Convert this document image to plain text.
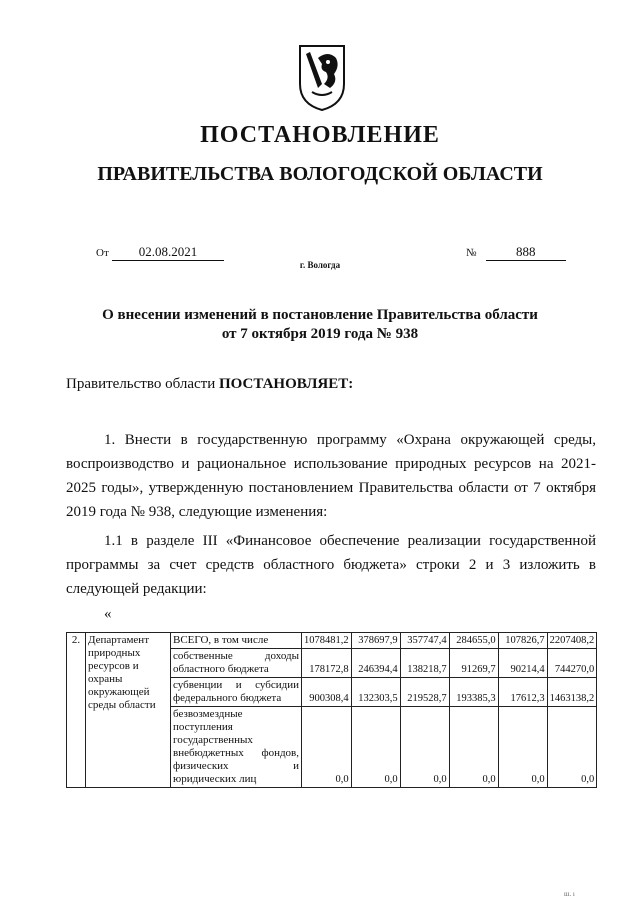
ПОСТАНОВЛЕНИЕ
ПРАВИТЕЛЬСТВА ВОЛОГОДСКОЙ ОБЛАСТИ
От 02.08.2021	№	888
г. Вологда
О внесении изменений в постановление Правительства области
от 7 октября 2019 года № 938
Правительство области ПОСТАНОВЛЯЕТ:
1. Внести в государственную программу «Охрана окружающей среды, воспроизводство и рациональное использование природных ресурсов на 2021-2025 годы», утвержденную постановлением Правительства области от 7 октября 2019 года № 938, следующие изменения:
1.1 в разделе III «Финансовое обеспечение реализации государственной программы за счет средств областного бюджета» строки 2 и 3 изложить в следующей редакции:
«
2.	Департамент природных ресурсов и охраны окружающей среды области	ВСЕГО, в том числе	1078481,2	378697,9	357747,4	284655,0	107826,7	2207408,2
		собственные доходы областного бюджета	178172,8	246394,4	138218,7	91269,7	90214,4	744270,0
		субвенции и субсидии федерального бюджета	900308,4	132303,5	219528,7	193385,3	17612,3	1463138,2
		безвозмездные поступления государственных внебюджетных фондов, физических и юридических лиц	0,0	0,0	0,0	0,0	0,0	0,0
ш. ı
